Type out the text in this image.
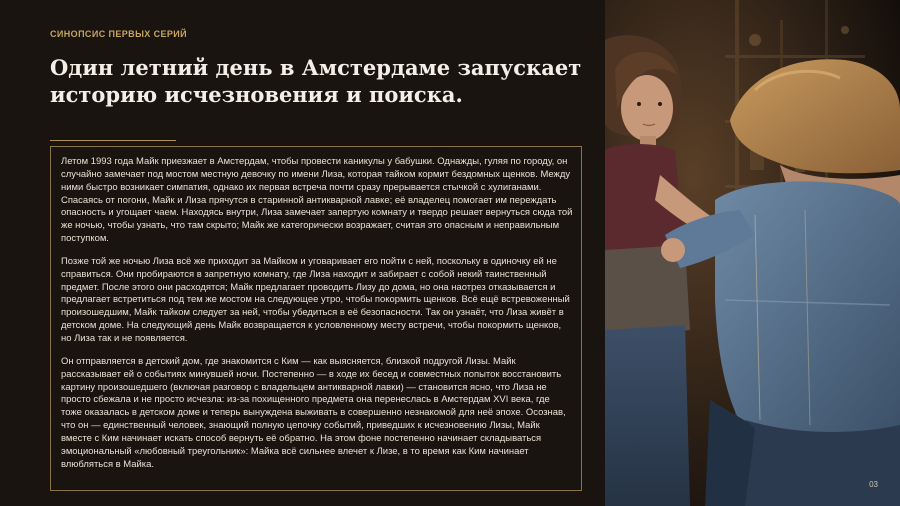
СИНОПСИС ПЕРВЫХ СЕРИЙ
Один летний день в Амстердаме запускает историю исчезновения и поиска.

Летом 1993 года Майк приезжает в Амстердам, чтобы провести каникулы у бабушки. Однажды, гуляя по городу, он случайно замечает под мостом местную девочку по имени Лиза, которая тайком кормит бездомных щенков. Между ними быстро возникает симпатия, однако их первая встреча почти сразу прерывается стычкой с хулиганами. Спасаясь от погони, Майк и Лиза прячутся в старинной антикварной лавке; её владелец помогает им переждать опасность и угощает чаем. Находясь внутри, Лиза замечает запертую комнату и твердо решает вернуться сюда той же ночью, чтобы узнать, что там скрыто; Майк же категорически возражает, считая это опасным и неправильным поступком.

Позже той же ночью Лиза всё же приходит за Майком и уговаривает его пойти с ней, поскольку в одиночку ей не справиться. Они пробираются в запретную комнату, где Лиза находит и забирает с собой некий таинственный предмет. После этого они расходятся; Майк предлагает проводить Лизу до дома, но она наотрез отказывается и предлагает встретиться под тем же мостом на следующее утро, чтобы покормить щенков. Всё ещё встревоженный произошедшим, Майк тайком следует за ней, чтобы убедиться в её безопасности. Так он узнаёт, что Лиза живёт в детском доме. На следующий день Майк возвращается к условленному месту встречи, чтобы покормить щенков, но Лиза так и не появляется.

Он отправляется в детский дом, где знакомится с Ким — как выясняется, близкой подругой Лизы. Майк рассказывает ей о событиях минувшей ночи. Постепенно — в ходе их бесед и совместных попыток восстановить картину произошедшего (включая разговор с владельцем антикварной лавки) — становится ясно, что Лиза не просто сбежала и не просто исчезла: из-за похищенного предмета она перенеслась в Амстердам XVI века, где тоже оказалась в детском доме и теперь вынуждена выживать в совершенно незнакомой для неё эпохе. Осознав, что он — единственный человек, знающий полную цепочку событий, приведших к исчезновению Лизы, Майк вместе с Ким начинает искать способ вернуть её обратно. На этом фоне постепенно начинает складываться эмоциональный «любовный треугольник»: Майка всё сильнее влечет к Лизе, в то время как Ким начинает влюбляться в Майка.

03
